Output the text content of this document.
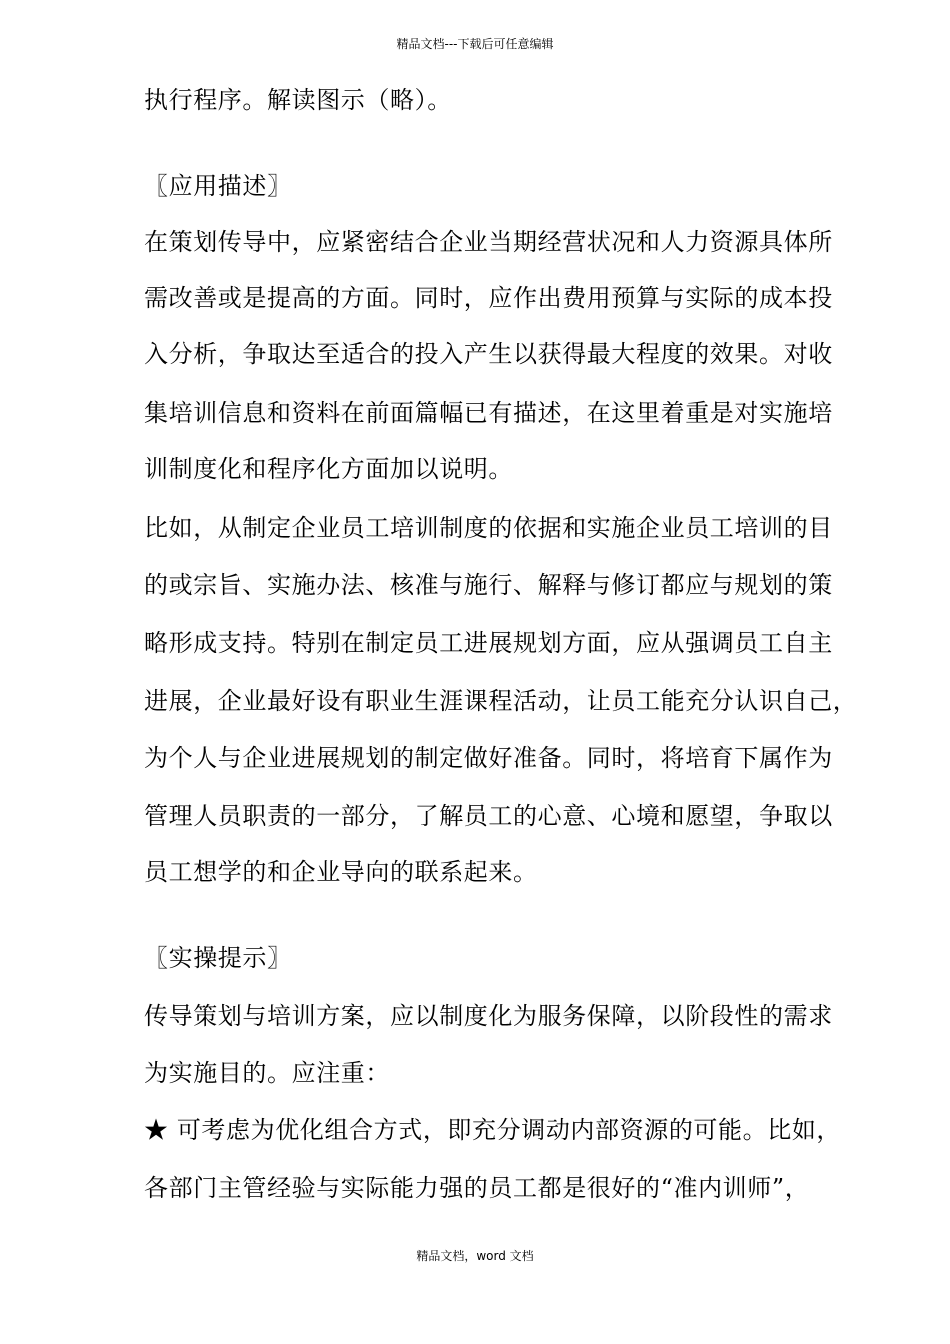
精品文档---下载后可任意编辑
执行程序。解读图示（略）。
〖应用描述〗
在策划传导中，应紧密结合企业当期经营状况和人力资源具体所
需改善或是提高的方面。同时，应作出费用预算与实际的成本投
入分析，争取达至适合的投入产生以获得最大程度的效果。对收
集培训信息和资料在前面篇幅已有描述，在这里着重是对实施培
训制度化和程序化方面加以说明。
比如，从制定企业员工培训制度的依据和实施企业员工培训的目
的或宗旨、实施办法、核准与施行、解释与修订都应与规划的策
略形成支持。特别在制定员工进展规划方面，应从强调员工自主
进展，企业最好设有职业生涯课程活动，让员工能充分认识自己，
为个人与企业进展规划的制定做好准备。同时，将培育下属作为
管理人员职责的一部分，了解员工的心意、心境和愿望，争取以
员工想学的和企业导向的联系起来。
〖实操提示〗
传导策划与培训方案，应以制度化为服务保障，以阶段性的需求
为实施目的。应注重：
★ 可考虑为优化组合方式，即充分调动内部资源的可能。比如，
各部门主管经验与实际能力强的员工都是很好的“准内训师”，
精品文档，word 文档
